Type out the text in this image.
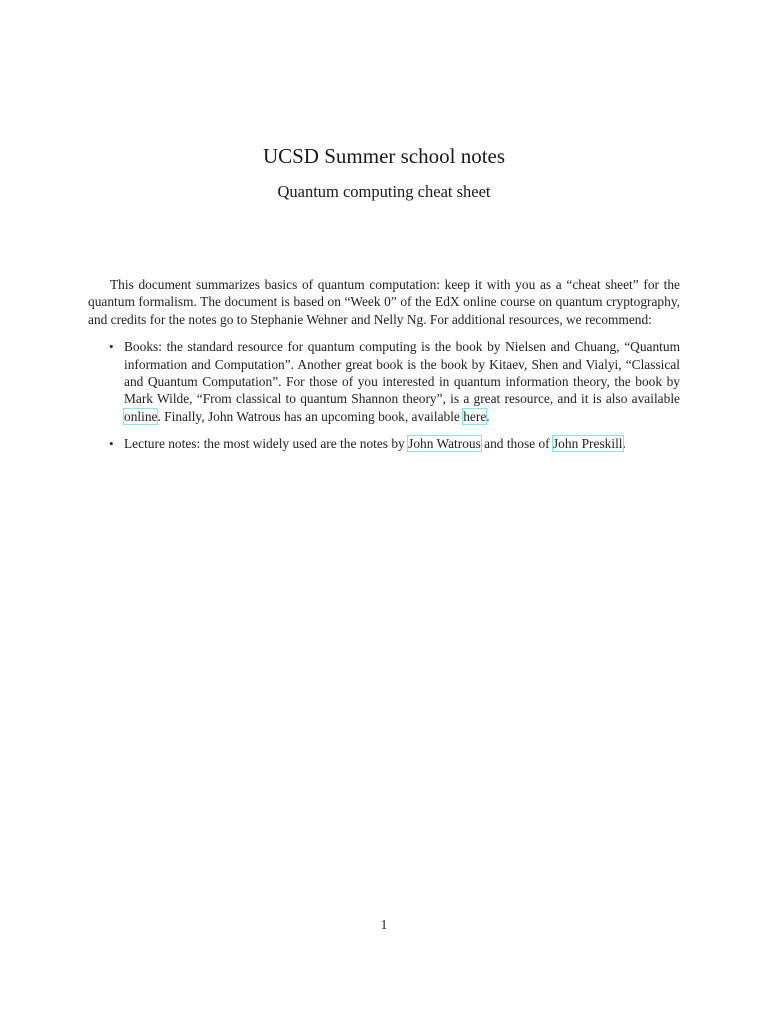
UCSD Summer school notes
Quantum computing cheat sheet

This document summarizes basics of quantum computation: keep it with you as a “cheat sheet” for the quantum formalism. The document is based on “Week 0” of the EdX online course on quantum cryptography, and credits for the notes go to Stephanie Wehner and Nelly Ng. For additional resources, we recommend:

• Books: the standard resource for quantum computing is the book by Nielsen and Chuang, “Quantum information and Computation”. Another great book is the book by Kitaev, Shen and Vialyi, “Classical and Quantum Computation”. For those of you interested in quantum information theory, the book by Mark Wilde, “From classical to quantum Shannon theory”, is a great resource, and it is also available online. Finally, John Watrous has an upcoming book, available here.
• Lecture notes: the most widely used are the notes by John Watrous and those of John Preskill.
1
